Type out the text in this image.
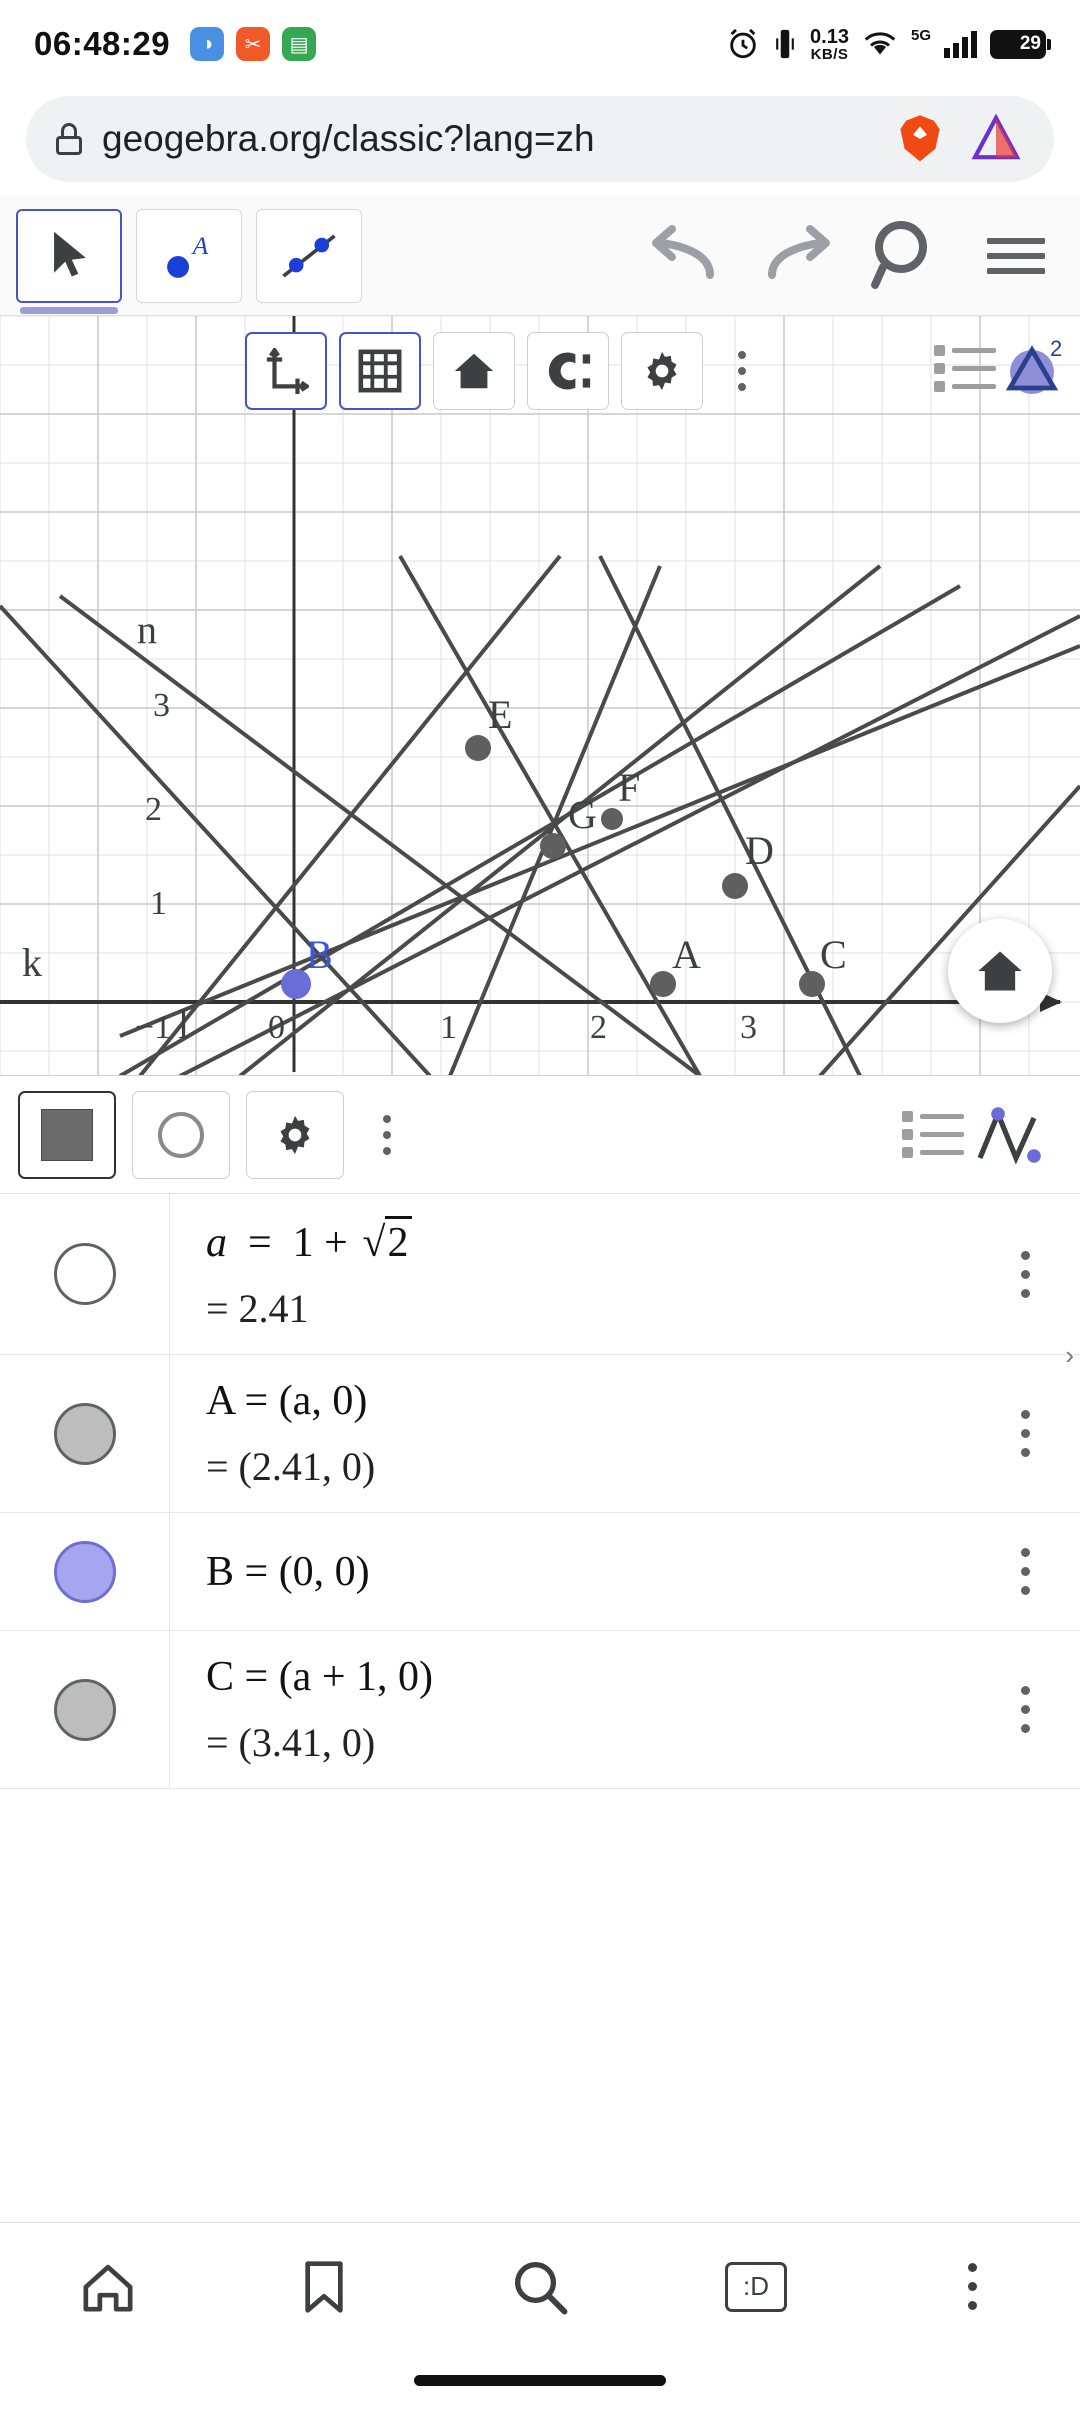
06:48:29	◑	✂	▤	0.13
KB/S
5G	29
geogebra.org/classic?lang=zh
A
2
1
3
−1	0	1	2	3
E
F
G
D
A	C
n
k
l
B
2
a  =  1 + √2
= 2.41
A = (a, 0)
= (2.41, 0)
B = (0, 0)
C = (a + 1, 0)
= (3.41, 0)
›
:D
